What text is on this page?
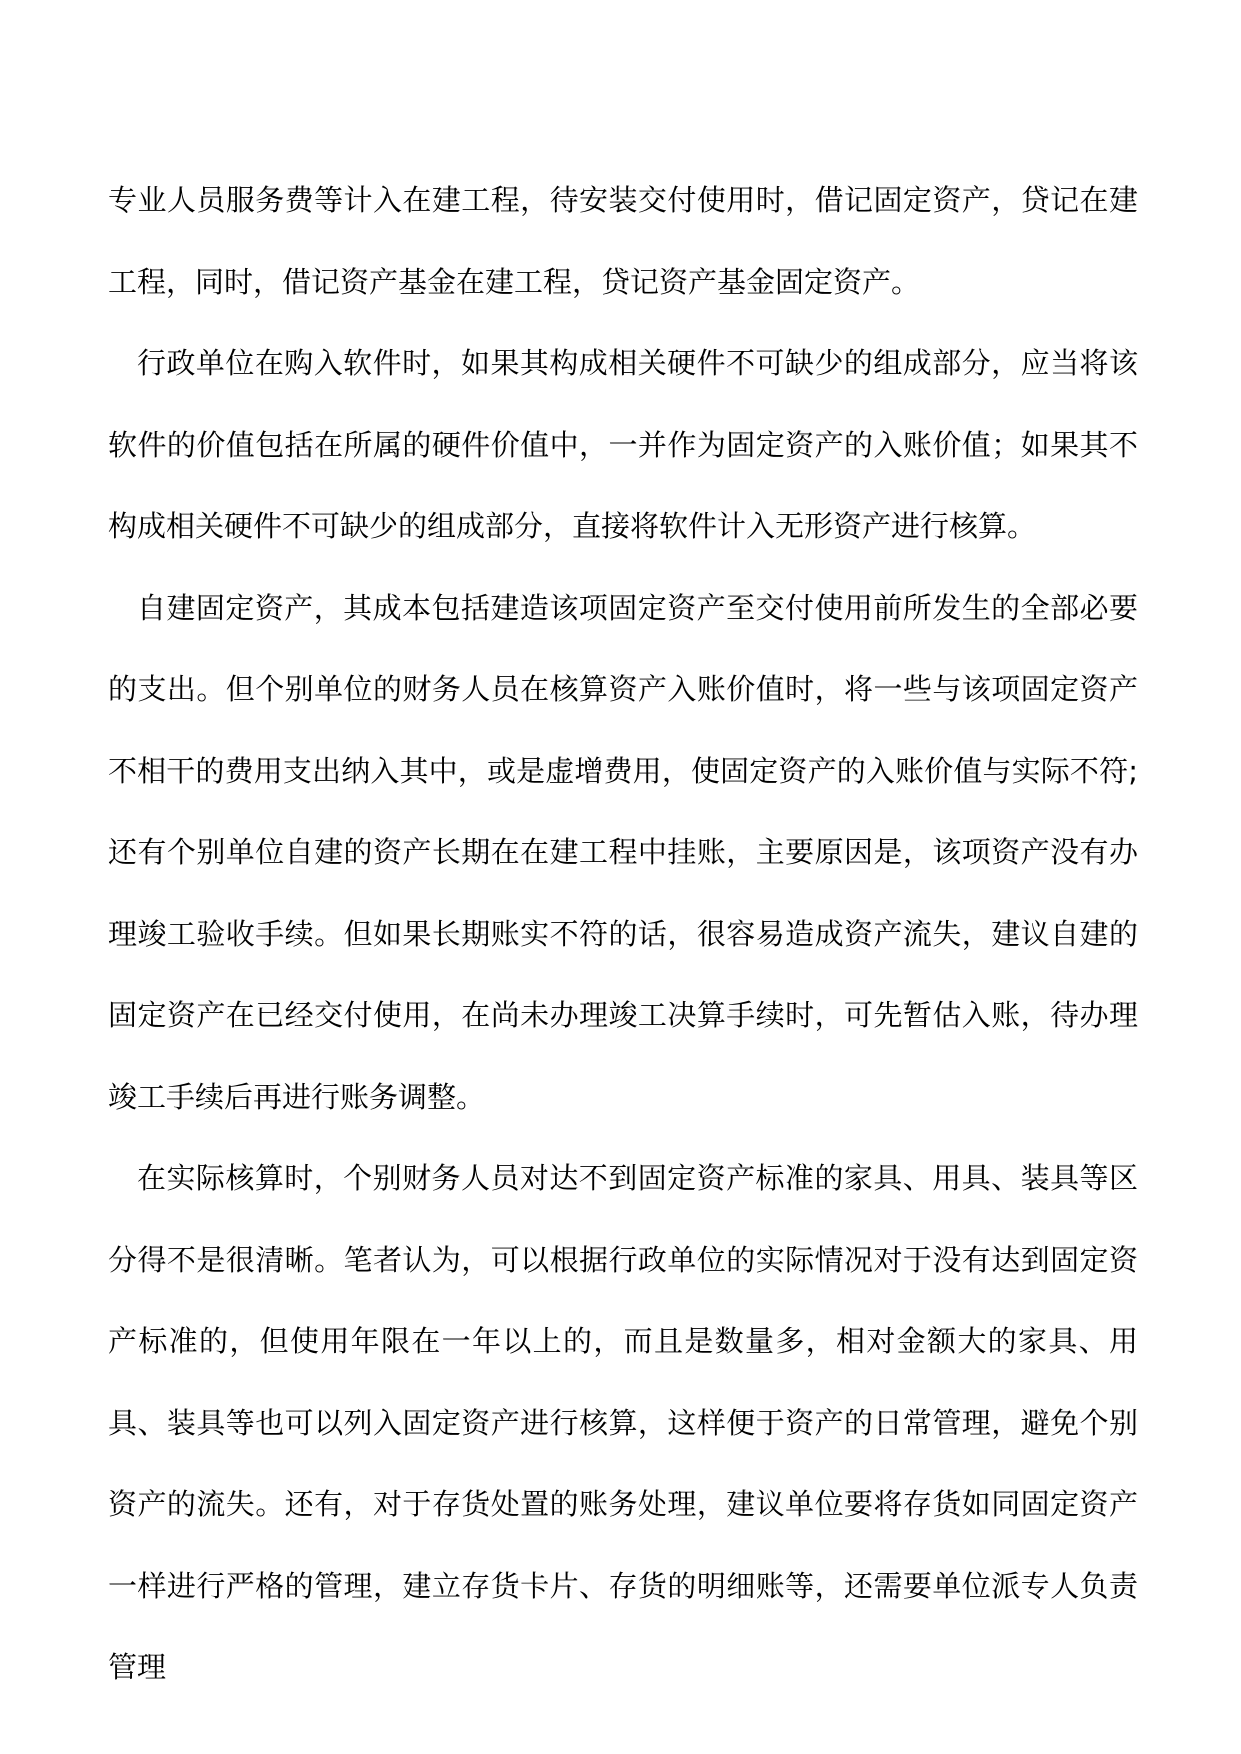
专业人员服务费等计入在建工程，待安装交付使用时，借记固定资产，贷记在建工程，同时，借记资产基金在建工程，贷记资产基金固定资产。

行政单位在购入软件时，如果其构成相关硬件不可缺少的组成部分，应当将该软件的价值包括在所属的硬件价值中，一并作为固定资产的入账价值；如果其不构成相关硬件不可缺少的组成部分，直接将软件计入无形资产进行核算。

自建固定资产，其成本包括建造该项固定资产至交付使用前所发生的全部必要的支出。但个别单位的财务人员在核算资产入账价值时，将一些与该项固定资产不相干的费用支出纳入其中，或是虚增费用，使固定资产的入账价值与实际不符;还有个别单位自建的资产长期在在建工程中挂账，主要原因是，该项资产没有办理竣工验收手续。但如果长期账实不符的话，很容易造成资产流失，建议自建的固定资产在已经交付使用，在尚未办理竣工决算手续时，可先暂估入账，待办理竣工手续后再进行账务调整。

在实际核算时，个别财务人员对达不到固定资产标准的家具、用具、装具等区分得不是很清晰。笔者认为，可以根据行政单位的实际情况对于没有达到固定资产标准的，但使用年限在一年以上的，而且是数量多，相对金额大的家具、用具、装具等也可以列入固定资产进行核算，这样便于资产的日常管理，避免个别资产的流失。还有，对于存货处置的账务处理，建议单位要将存货如同固定资产一样进行严格的管理，建立存货卡片、存货的明细账等，还需要单位派专人负责管理
